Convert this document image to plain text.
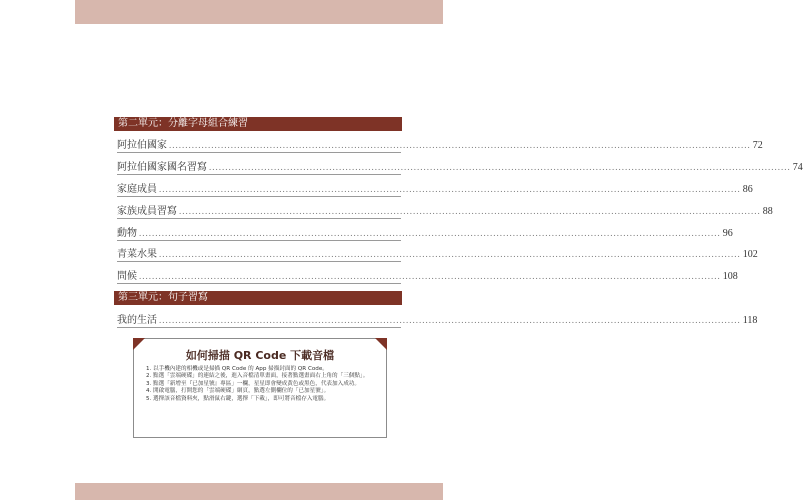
第二單元：分離字母組合練習
阿拉伯國家 ................................................................................................................................................................................... 72
阿拉伯國家國名習寫 ................................................................................................................................................................................... 74
家庭成員 ................................................................................................................................................................................... 86
家族成員習寫 ................................................................................................................................................................................... 88
動物 ................................................................................................................................................................................... 96
青菜水果 ................................................................................................................................................................................... 102
問候 ................................................................................................................................................................................... 108
第三單元：句子習寫
我的生活 ................................................................................................................................................................................... 118
如何掃描 QR Code 下載音檔
1. 以手機內建的相機或是掃描 QR Code 的 App 掃描封面的 QR Code。
2. 點選「雲端硬碟」的連結之後，進入音檔清單畫面，接著點選畫面右上角的「三個點」。
3. 點選「新增至『已加星號』專區」一欄，星星即會變成黃色或黑色，代表加入成功。
4. 開啟電腦，打開您的「雲端硬碟」網頁，點選左側欄位的「已加星號」。
5. 選擇該音檔資料夾，點滑鼠右鍵，選擇「下載」，即可將音檔存入電腦。
